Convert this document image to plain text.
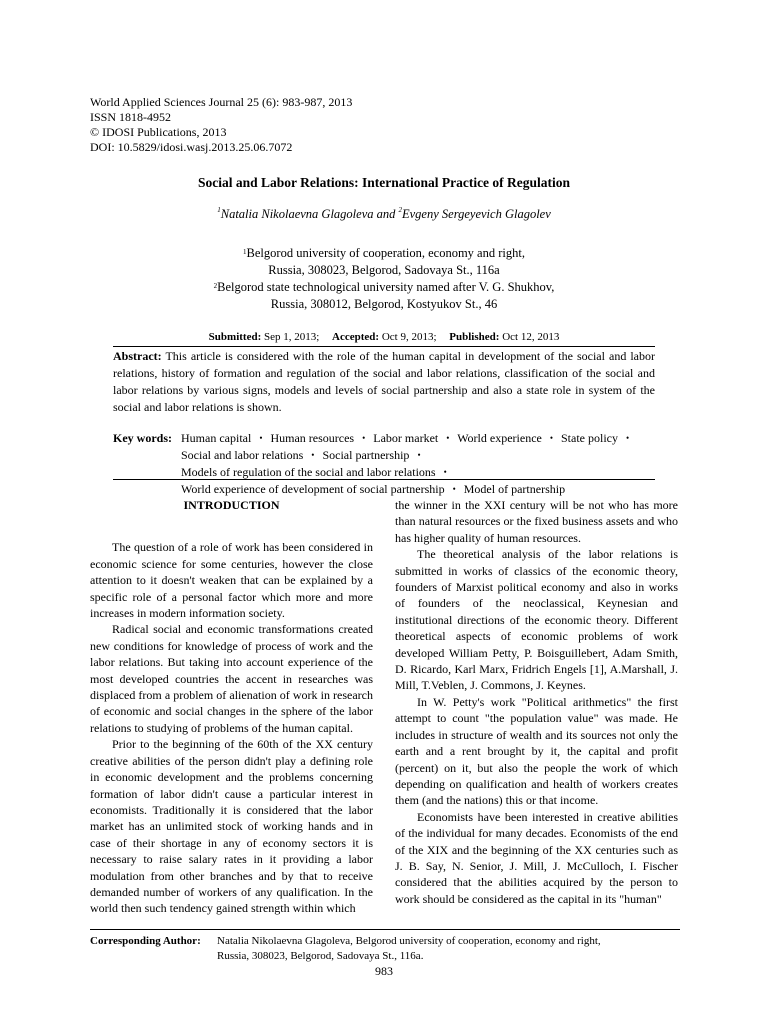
World Applied Sciences Journal 25 (6): 983-987, 2013
ISSN 1818-4952
© IDOSI Publications, 2013
DOI: 10.5829/idosi.wasj.2013.25.06.7072
Social and Labor Relations: International Practice of Regulation
$^1$Natalia Nikolaevna Glagoleva and $^2$Evgeny Sergeyevich Glagolev
$^1$Belgorod university of cooperation, economy and right,
Russia, 308023, Belgorod, Sadovaya St., 116a
$^2$Belgorod state technological university named after V. G. Shukhov,
Russia, 308012, Belgorod, Kostyukov St., 46
Submitted: Sep 1, 2013; Accepted: Oct 9, 2013; Published: Oct 12, 2013
Abstract: This article is considered with the role of the human capital in development of the social and labor relations, history of formation and regulation of the social and labor relations, classification of the social and labor relations by various signs, models and levels of social partnership and also a state role in system of the social and labor relations is shown.
Key words: Human capital • Human resources • Labor market • World experience • State policy • Social and labor relations • Social partnership • Models of regulation of the social and labor relations • World experience of development of social partnership • Model of partnership
INTRODUCTION

The question of a role of work has been considered in economic science for some centuries, however the close attention to it doesn't weaken that can be explained by a specific role of a personal factor which more and more increases in modern information society.

Radical social and economic transformations created new conditions for knowledge of process of work and the labor relations. But taking into account experience of the most developed countries the accent in researches was displaced from a problem of alienation of work in research of economic and social changes in the sphere of the labor relations to studying of problems of the human capital.

Prior to the beginning of the 60th of the XX century creative abilities of the person didn't play a defining role in economic development and the problems concerning formation of labor didn't cause a particular interest in economists. Traditionally it is considered that the labor market has an unlimited stock of working hands and in case of their shortage in any of economy sectors it is necessary to raise salary rates in it providing a labor modulation from other branches and by that to receive demanded number of workers of any qualification. In the world then such tendency gained strength within which

the winner in the XXI century will be not who has more than natural resources or the fixed business assets and who has higher quality of human resources.

The theoretical analysis of the labor relations is submitted in works of classics of the economic theory, founders of Marxist political economy and also in works of founders of the neoclassical, Keynesian and institutional directions of the economic theory. Different theoretical aspects of economic problems of work developed William Petty, P. Boisguillebert, Adam Smith, D. Ricardo, Karl Marx, Fridrich Engels [1], A.Marshall, J. Mill, T.Veblen, J. Commons, J. Keynes.

In W. Petty's work "Political arithmetics" the first attempt to count "the population value" was made. He includes in structure of wealth and its sources not only the earth and a rent brought by it, the capital and profit (percent) on it, but also the people the work of which depending on qualification and health of workers creates them (and the nations) this or that income.

Economists have been interested in creative abilities of the individual for many decades. Economists of the end of the XIX and the beginning of the XX centuries such as J. B. Say, N. Senior, J. Mill, J. McCulloch, I. Fischer considered that the abilities acquired by the person to work should be considered as the capital in its "human"

Corresponding Author: Natalia Nikolaevna Glagoleva, Belgorod university of cooperation, economy and right,
Russia, 308023, Belgorod, Sadovaya St., 116a.
983
